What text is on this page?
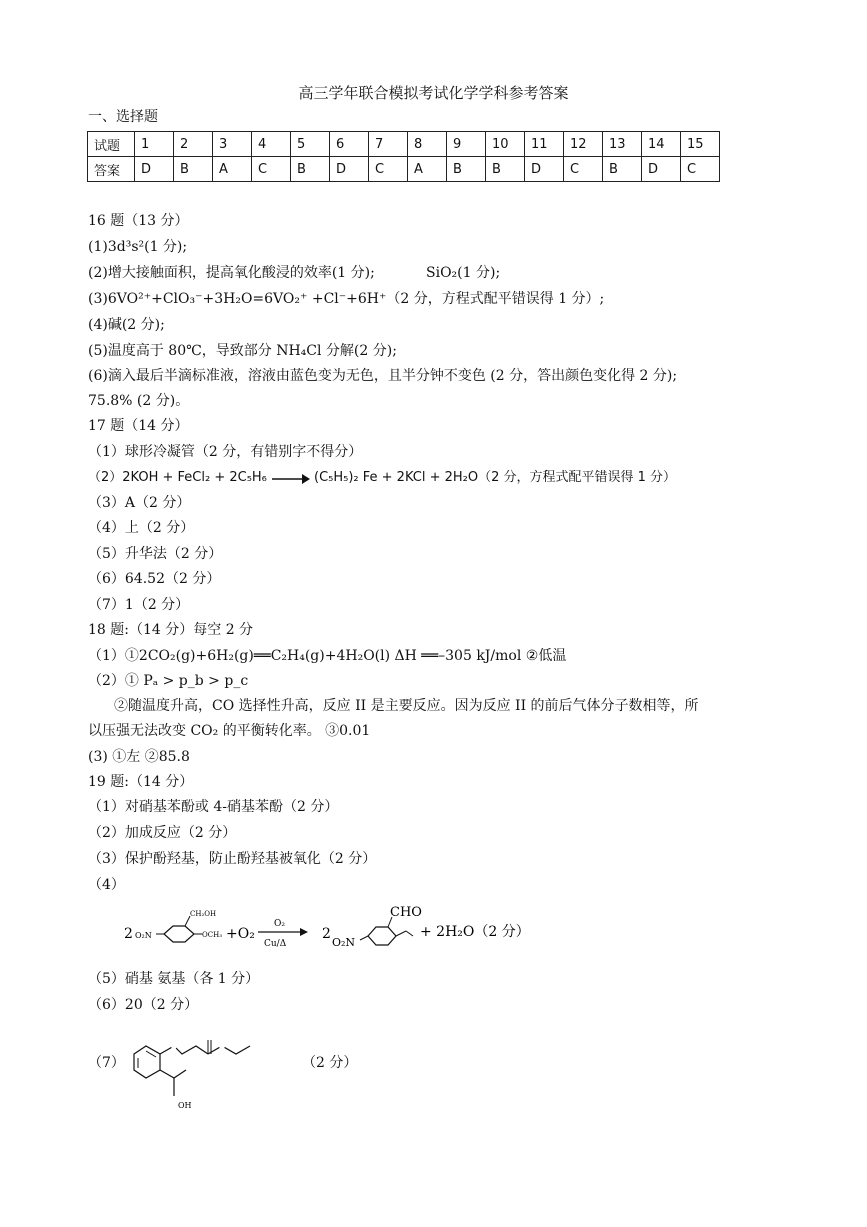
高三学年联合模拟考试化学学科参考答案
一、选择题
试题	1	2	3	4	5	6	7	8	9	10	11	12	13	14	15
答案	D	B	A	C	B	D	C	A	B	B	D	C	B	D	C
16 题（13 分）
(1)3d³s²(1 分);
(2)增大接触面积，提高氧化酸浸的效率(1 分);	SiO₂(1 分);
(3)6VO²⁺+ClO₃⁻+3H₂O=6VO₂⁺ +Cl⁻+6H⁺（2 分，方程式配平错误得 1 分）;
(4)碱(2 分);
(5)温度高于 80℃，导致部分 NH₄Cl 分解(2 分);
(6)滴入最后半滴标准液，溶液由蓝色变为无色，且半分钟不变色 (2 分，答出颜色变化得 2 分);
75.8% (2 分)。
17 题（14 分）
（1）球形冷凝管（2 分，有错别字不得分）
（2）2KOH + FeCl₂ + 2C₅H₆ → (C₅H₅)₂ Fe + 2KCl + 2H₂O（2 分，方程式配平错误得 1 分）
（3）A（2 分）
（4）上（2 分）
（5）升华法（2 分）
（6）64.52（2 分）
（7）1（2 分）
18 题:（14 分）每空 2 分
（1）①2CO₂(g)+6H₂(g)══C₂H₄(g)+4H₂O(l) ΔH ══–305 kJ/mol ②低温
（2）① Pₐ > p_b > p_c
②随温度升高，CO 选择性升高，反应 II 是主要反应。因为反应 II 的前后气体分子数相等，所
以压强无法改变 CO₂ 的平衡转化率。 ③0.01
(3) ①左 ②85.8
19 题:（14 分）
（1）对硝基苯酚或 4-硝基苯酚（2 分）
（2）加成反应（2 分）
（3）保护酚羟基，防止酚羟基被氧化（2 分）
（4）
2 O₂N
CH₂OH
OCH₃ +O₂
O₂
Cu/Δ
2
O₂N
CHO
+ 2H₂O（2 分）
（5）硝基 氨基（各 1 分）
（6）20（2 分）
（7）
OH
（2 分）
